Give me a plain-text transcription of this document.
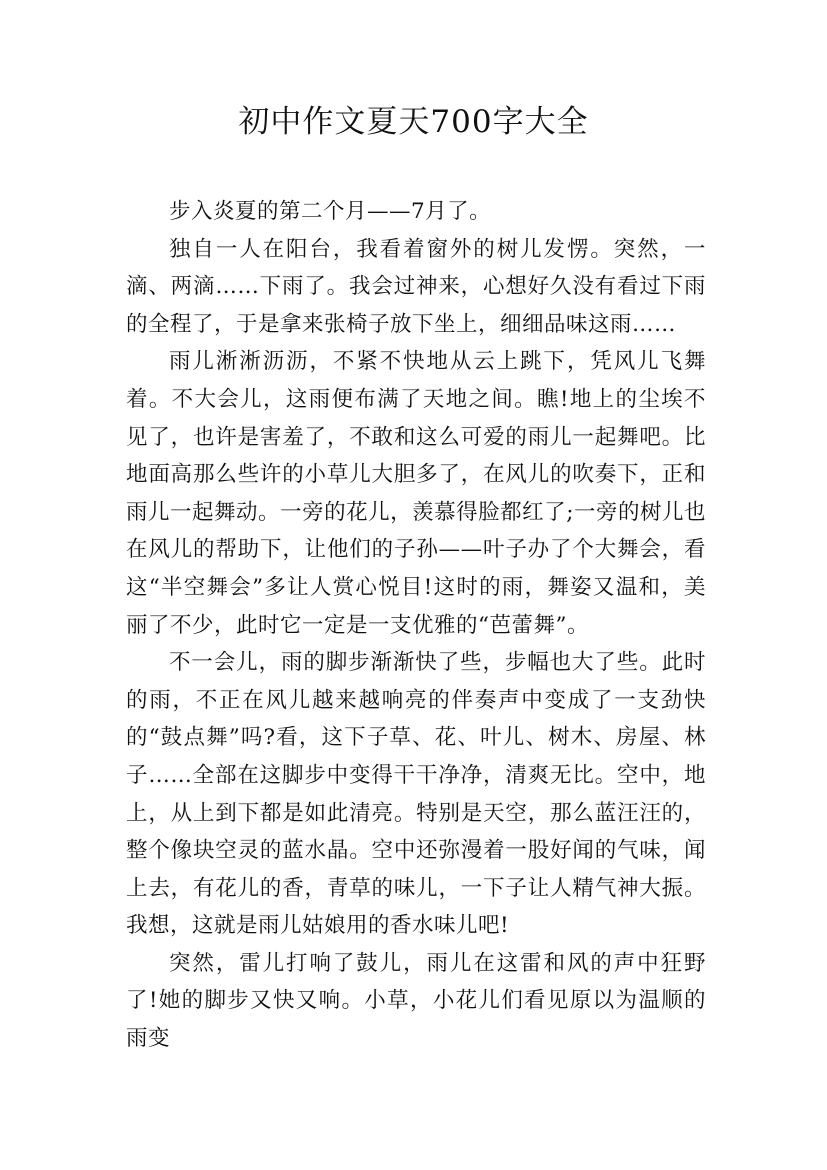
初中作文夏天700字大全

步入炎夏的第二个月——7月了。

独自一人在阳台，我看着窗外的树儿发愣。突然，一滴、两滴……下雨了。我会过神来，心想好久没有看过下雨的全程了，于是拿来张椅子放下坐上，细细品味这雨……

雨儿淅淅沥沥，不紧不快地从云上跳下，凭风儿飞舞着。不大会儿，这雨便布满了天地之间。瞧!地上的尘埃不见了，也许是害羞了，不敢和这么可爱的雨儿一起舞吧。比地面高那么些许的小草儿大胆多了，在风儿的吹奏下，正和雨儿一起舞动。一旁的花儿，羡慕得脸都红了;一旁的树儿也在风儿的帮助下，让他们的子孙——叶子办了个大舞会，看这“半空舞会”多让人赏心悦目!这时的雨，舞姿又温和，美丽了不少，此时它一定是一支优雅的“芭蕾舞”。

不一会儿，雨的脚步渐渐快了些，步幅也大了些。此时的雨，不正在风儿越来越响亮的伴奏声中变成了一支劲快的“鼓点舞”吗?看，这下子草、花、叶儿、树木、房屋、林子……全部在这脚步中变得干干净净，清爽无比。空中，地上，从上到下都是如此清亮。特别是天空，那么蓝汪汪的，整个像块空灵的蓝水晶。空中还弥漫着一股好闻的气味，闻上去，有花儿的香，青草的味儿，一下子让人精气神大振。我想，这就是雨儿姑娘用的香水味儿吧!

突然，雷儿打响了鼓儿，雨儿在这雷和风的声中狂野了!她的脚步又快又响。小草，小花儿们看见原以为温顺的雨变
